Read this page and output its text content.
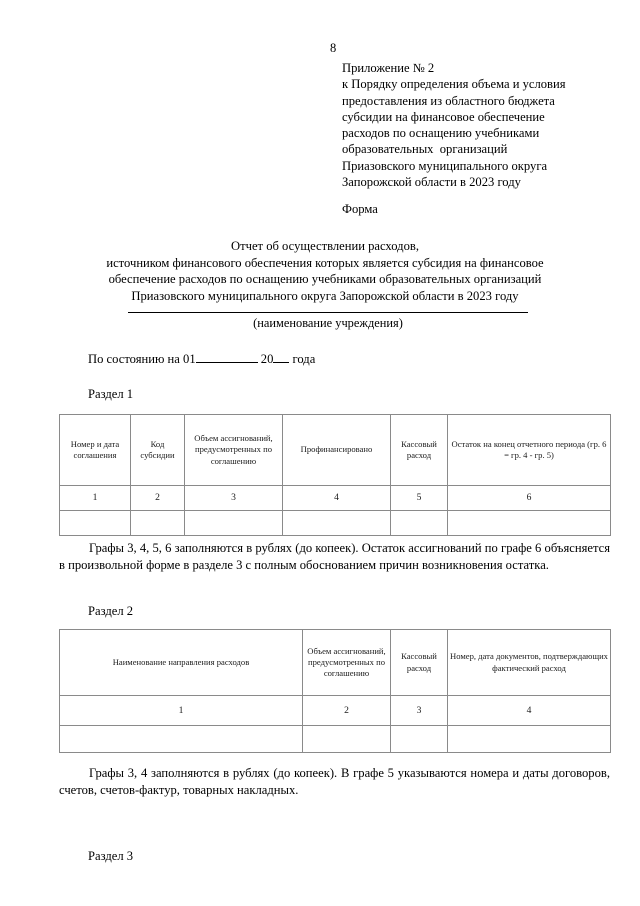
8
Приложение № 2
к Порядку определения объема и условия
предоставления из областного бюджета
субсидии на финансовое обеспечение
расходов по оснащению учебниками
образовательных  организаций
Приазовского муниципального округа
Запорожской области в 2023 году
Форма
Отчет об осуществлении расходов,
источником финансового обеспечения которых является субсидия на финансовое
обеспечение расходов по оснащению учебниками образовательных организаций
Приазовского муниципального округа Запорожской области в 2023 году
(наименование учреждения)
По состоянию на 01	20 года
Раздел 1
Номер и дата соглашения	Код субсидии	Объем ассигнований, предусмотренных по соглашению	Профинансировано	Кассовый расход	Остаток на конец отчетного периода (гр. 6 = гр. 4 - гр. 5)
1	2	3	4	5	6

Графы 3, 4, 5, 6 заполняются в рублях (до копеек). Остаток ассигнований по графе 6 объясняется в произвольной форме в разделе 3 с полным обоснованием причин возникновения остатка.
Раздел 2
Наименование направления расходов	Объем ассигнований, предусмотренных по соглашению	Кассовый расход	Номер, дата документов, подтверждающих фактический расход
1	2	3	4

Графы 3, 4 заполняются в рублях (до копеек). В графе 5 указываются номера и даты договоров, счетов, счетов-фактур, товарных накладных.
Раздел 3
